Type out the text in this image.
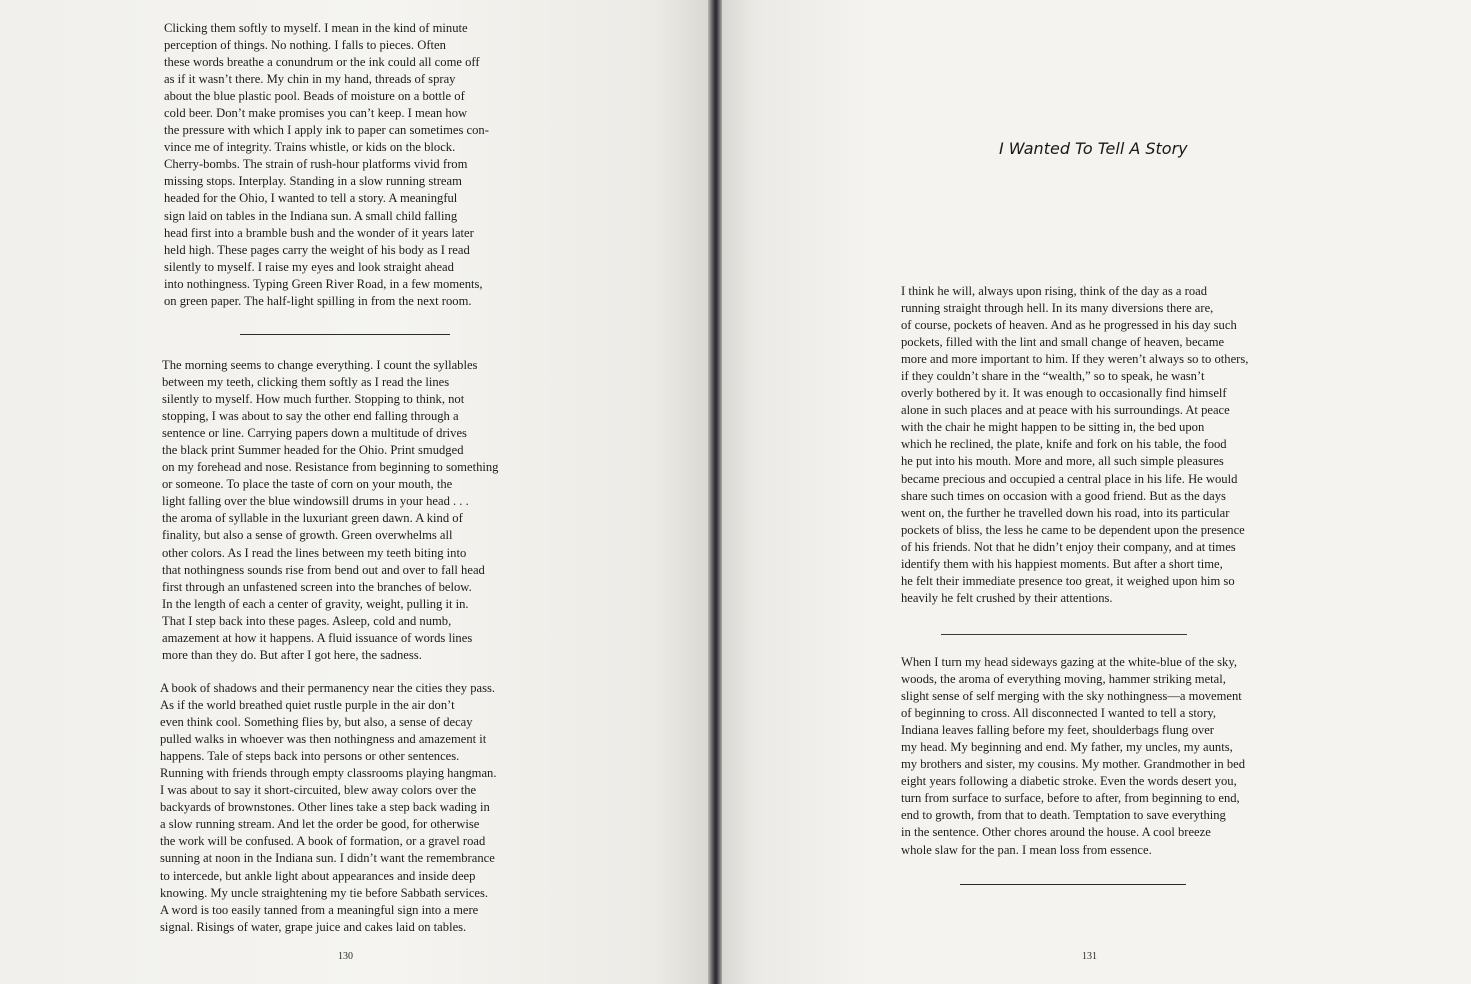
Clicking them softly to myself. I mean in the kind of minute
perception of things. No nothing. I falls to pieces. Often
these words breathe a conundrum or the ink could all come off
as if it wasn’t there. My chin in my hand, threads of spray
about the blue plastic pool. Beads of moisture on a bottle of
cold beer. Don’t make promises you can’t keep. I mean how
the pressure with which I apply ink to paper can sometimes con-
vince me of integrity. Trains whistle, or kids on the block.
Cherry-bombs. The strain of rush-hour platforms vivid from
missing stops. Interplay. Standing in a slow running stream
headed for the Ohio, I wanted to tell a story. A meaningful
sign laid on tables in the Indiana sun. A small child falling
head first into a bramble bush and the wonder of it years later
held high. These pages carry the weight of his body as I read
silently to myself. I raise my eyes and look straight ahead
into nothingness. Typing Green River Road, in a few moments,
on green paper. The half-light spilling in from the next room.
The morning seems to change everything. I count the syllables
between my teeth, clicking them softly as I read the lines
silently to myself. How much further. Stopping to think, not
stopping, I was about to say the other end falling through a
sentence or line. Carrying papers down a multitude of drives
the black print Summer headed for the Ohio. Print smudged
on my forehead and nose. Resistance from beginning to something
or someone. To place the taste of corn on your mouth, the
light falling over the blue windowsill drums in your head . . .
the aroma of syllable in the luxuriant green dawn. A kind of
finality, but also a sense of growth. Green overwhelms all
other colors. As I read the lines between my teeth biting into
that nothingness sounds rise from bend out and over to fall head
first through an unfastened screen into the branches of below.
In the length of each a center of gravity, weight, pulling it in.
That I step back into these pages. Asleep, cold and numb,
amazement at how it happens. A fluid issuance of words lines
more than they do. But after I got here, the sadness.
A book of shadows and their permanency near the cities they pass.
As if the world breathed quiet rustle purple in the air don’t
even think cool. Something flies by, but also, a sense of decay
pulled walks in whoever was then nothingness and amazement it
happens. Tale of steps back into persons or other sentences.
Running with friends through empty classrooms playing hangman.
I was about to say it short-circuited, blew away colors over the
backyards of brownstones. Other lines take a step back wading in
a slow running stream. And let the order be good, for otherwise
the work will be confused. A book of formation, or a gravel road
sunning at noon in the Indiana sun. I didn’t want the remembrance
to intercede, but ankle light about appearances and inside deep
knowing. My uncle straightening my tie before Sabbath services.
A word is too easily tanned from a meaningful sign into a mere
signal. Risings of water, grape juice and cakes laid on tables.
130
I Wanted To Tell A Story
I think he will, always upon rising, think of the day as a road
running straight through hell. In its many diversions there are,
of course, pockets of heaven. And as he progressed in his day such
pockets, filled with the lint and small change of heaven, became
more and more important to him. If they weren’t always so to others,
if they couldn’t share in the “wealth,” so to speak, he wasn’t
overly bothered by it. It was enough to occasionally find himself
alone in such places and at peace with his surroundings. At peace
with the chair he might happen to be sitting in, the bed upon
which he reclined, the plate, knife and fork on his table, the food
he put into his mouth. More and more, all such simple pleasures
became precious and occupied a central place in his life. He would
share such times on occasion with a good friend. But as the days
went on, the further he travelled down his road, into its particular
pockets of bliss, the less he came to be dependent upon the presence
of his friends. Not that he didn’t enjoy their company, and at times
identify them with his happiest moments. But after a short time,
he felt their immediate presence too great, it weighed upon him so
heavily he felt crushed by their attentions.
When I turn my head sideways gazing at the white-blue of the sky,
woods, the aroma of everything moving, hammer striking metal,
slight sense of self merging with the sky nothingness—a movement
of beginning to cross. All disconnected I wanted to tell a story,
Indiana leaves falling before my feet, shoulderbags flung over
my head. My beginning and end. My father, my uncles, my aunts,
my brothers and sister, my cousins. My mother. Grandmother in bed
eight years following a diabetic stroke. Even the words desert you,
turn from surface to surface, before to after, from beginning to end,
end to growth, from that to death. Temptation to save everything
in the sentence. Other chores around the house. A cool breeze
whole slaw for the pan. I mean loss from essence.
131
